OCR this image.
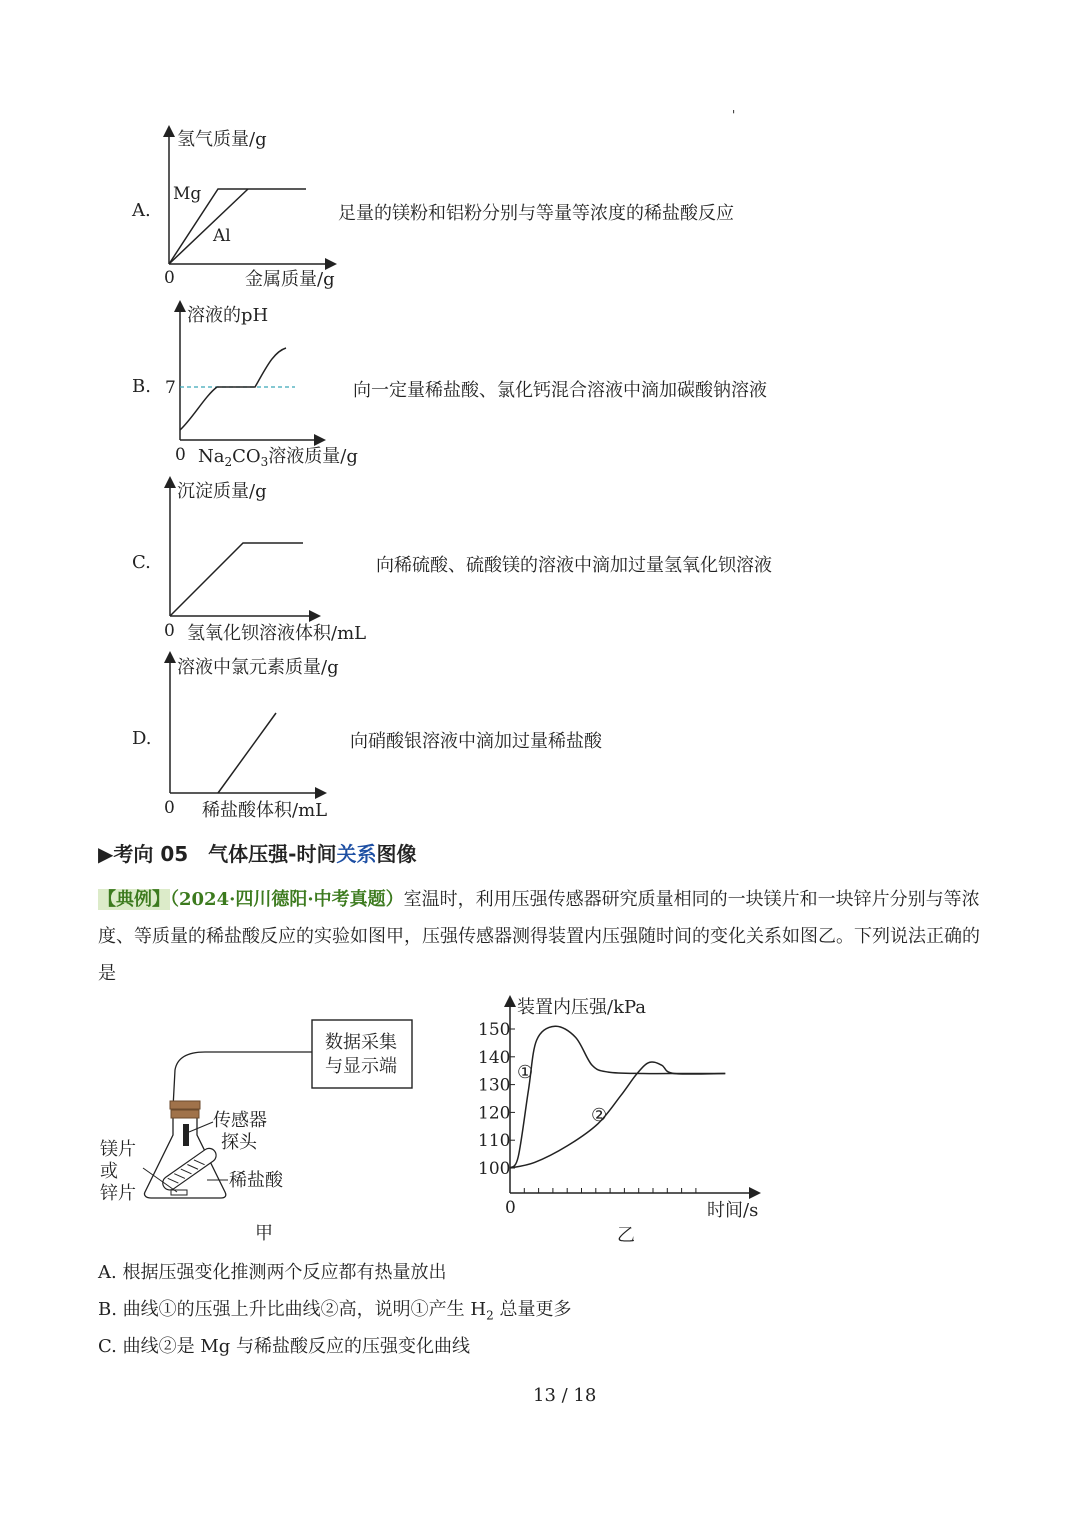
'
A.
氢气质量/g
Mg
Al
0	金属质量/g
足量的镁粉和铝粉分别与等量等浓度的稀盐酸反应
B.
溶液的pH
7
0 $Na_2CO_3$溶液质量/g
向一定量稀盐酸、氯化钙混合溶液中滴加碳酸钠溶液
C.
沉淀质量/g
0 氢氧化钡溶液体积/mL
向稀硫酸、硫酸镁的溶液中滴加过量氢氧化钡溶液
D.
溶液中氯元素质量/g
0 稀盐酸体积/mL
向硝酸银溶液中滴加过量稀盐酸
▶考向 05　气体压强-时间关系图像
【典例】（2024·四川德阳·中考真题）室温时，利用压强传感器研究质量相同的一块镁片和一块锌片分别与等浓度、等质量的稀盐酸反应的实验如图甲，压强传感器测得装置内压强随时间的变化关系如图乙。下列说法正确的是
数据采集
与显示端
传感器
探头
镁片
或
锌片
稀盐酸
甲
100
110
120
130
140
150
装置内压强/kPa
时间/s
0
乙
①
②
A. 根据压强变化推测两个反应都有热量放出
B. 曲线①的压强上升比曲线②高，说明①产生 $H_2$ 总量更多
C. 曲线②是 Mg 与稀盐酸反应的压强变化曲线
13 / 18
